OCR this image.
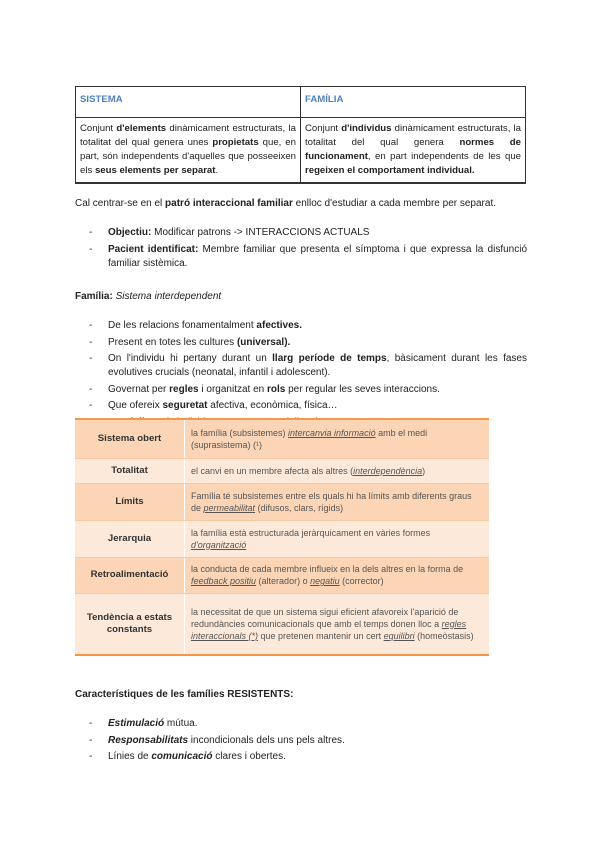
SISTEMA	FAMÍLIA
Conjunt d'elements dinàmicament estructurats, la totalitat del qual genera unes propietats que, en part, són independents d'aquelles que posseeixen els seus elements per separat.	Conjunt d'individus dinàmicament estructurats, la totalitat del qual genera normes de funcionament, en part independents de les que regeixen el comportament individual.

Cal centrar-se en el patró interaccional familiar enlloc d'estudiar a cada membre per separat.

- Objectiu: Modificar patrons -> INTERACCIONS ACTUALS
- Pacient identificat: Membre familiar que presenta el símptoma i que expressa la disfunció familiar sistèmica.

Família: Sistema interdependent

- De les relacions fonamentalment afectives.
- Present en totes les cultures (universal).
- On l'individu hi pertany durant un llarg període de temps, bàsicament durant les fases evolutives crucials (neonatal, infantil i adolescent).
- Governat per regles i organitzat en rols per regular les seves interaccions.
- Que ofereix seguretat afectiva, econòmica, física…
-
Sistema obert	la família (subsistemes) intercanvia informació amb el medi (suprasistema) (¹)
Totalitat	el canvi en un membre afecta als altres (interdependència)
Límits	Família té subsistemes entre els quals hi ha límits amb diferents graus de permeabilitat (difusos, clars, rígids)
Jerarquia	la família està estructurada jeràrquicament en vàries formes d'organització
Retroalimentació	la conducta de cada membre influeix en la dels altres en la forma de feedback positiu (alterador) o negatiu (corrector)
Tendència a estats constants	la necessitat de que un sistema sigui eficient afavoreix l'aparició de redundàncies comunicacionals que amb el temps donen lloc a regles interaccionals (*) que pretenen mantenir un cert equilibri (homeòstasis)

Característiques de les famílies RESISTENTS:

- Estimulació mútua.
- Responsabilitats incondicionals dels uns pels altres.
- Línies de comunicació clares i obertes.
